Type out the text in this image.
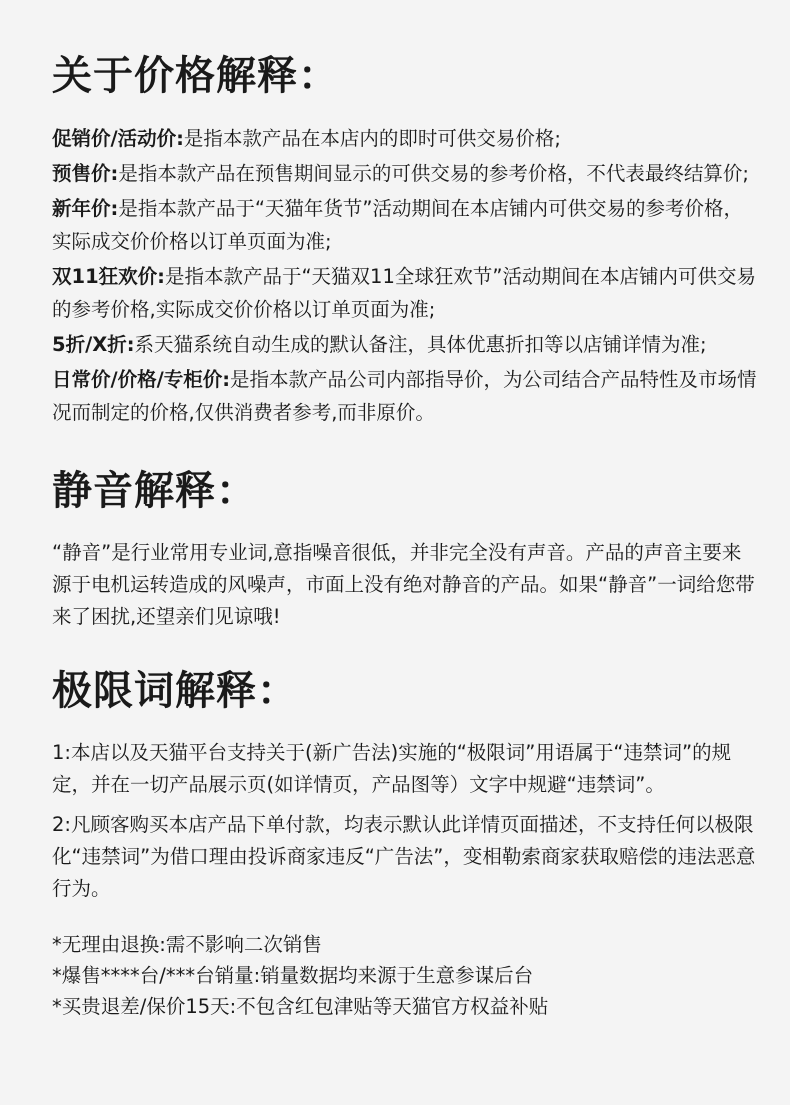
关于价格解释：

促销价/活动价:是指本款产品在本店内的即时可供交易价格;

预售价:是指本款产品在预售期间显示的可供交易的参考价格，不代表最终结算价;

新年价:是指本款产品于“天猫年货节”活动期间在本店铺内可供交易的参考价格，实际成交价价格以订单页面为准;

双11狂欢价:是指本款产品于“天猫双11全球狂欢节”活动期间在本店铺内可供交易的参考价格,实际成交价价格以订单页面为准;

5折/X折:系天猫系统自动生成的默认备注，具体优惠折扣等以店铺详情为准;

日常价/价格/专柜价:是指本款产品公司内部指导价，为公司结合产品特性及市场情况而制定的价格,仅供消费者参考,而非原价。

静音解释：

“静音”是行业常用专业词,意指噪音很低，并非完全没有声音。产品的声音主要来源于电机运转造成的风噪声，市面上没有绝对静音的产品。如果“静音”一词给您带来了困扰,还望亲们见谅哦!

极限词解释：

1:本店以及天猫平台支持关于(新广告法)实施的“极限词”用语属于“违禁词”的规定，并在一切产品展示页(如详情页，产品图等）文字中规避“违禁词”。

2:凡顾客购买本店产品下单付款，均表示默认此详情页面描述，不支持任何以极限化“违禁词”为借口理由投诉商家违反“广告法”，变相勒索商家获取赔偿的违法恶意行为。

*无理由退换:需不影响二次销售

*爆售****台/***台销量:销量数据均来源于生意参谋后台

*买贵退差/保价15天:不包含红包津贴等天猫官方权益补贴
